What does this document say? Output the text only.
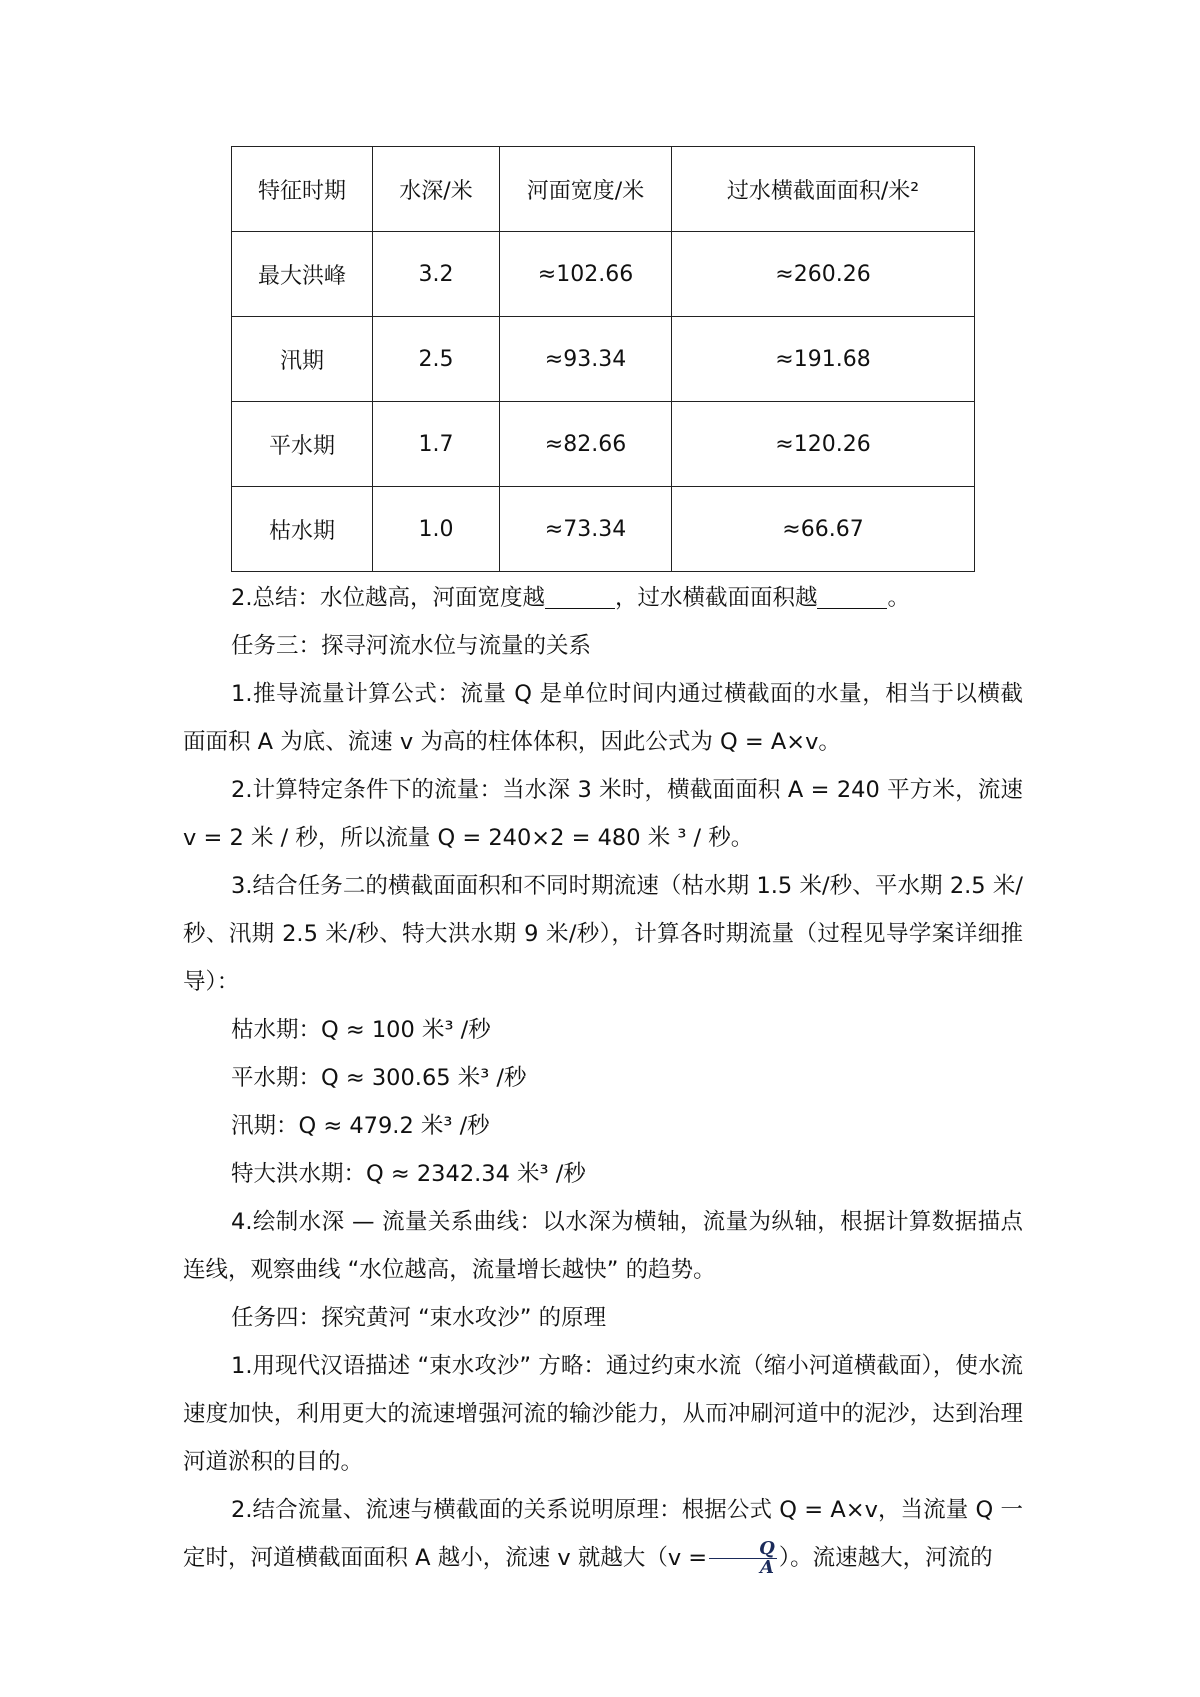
特征时期	水深/米	河面宽度/米	过水横截面面积/米²
最大洪峰	3.2	≈102.66	≈260.26
汛期	2.5	≈93.34	≈191.68
平水期	1.7	≈82.66	≈120.26
枯水期	1.0	≈73.34	≈66.67

2.总结：水位越高，河面宽度越	，过水横截面面积越	。

任务三：探寻河流水位与流量的关系

1.推导流量计算公式：流量 Q 是单位时间内通过横截面的水量，相当于以横截面面积 A 为底、流速 v 为高的柱体体积，因此公式为 Q = A×v。

2.计算特定条件下的流量：当水深 3 米时，横截面面积 A = 240 平方米，流速 v = 2 米 / 秒，所以流量 Q = 240×2 = 480 米 ³ / 秒。

3.结合任务二的横截面面积和不同时期流速（枯水期 1.5 米/秒、平水期 2.5 米/秒、汛期 2.5 米/秒、特大洪水期 9 米/秒），计算各时期流量（过程见导学案详细推导）：

枯水期：Q ≈ 100 米³ /秒

平水期：Q ≈ 300.65 米³ /秒

汛期：Q ≈ 479.2 米³ /秒

特大洪水期：Q ≈ 2342.34 米³ /秒

4.绘制水深 — 流量关系曲线：以水深为横轴，流量为纵轴，根据计算数据描点连线，观察曲线 “水位越高，流量增长越快” 的趋势。

任务四：探究黄河 “束水攻沙” 的原理

1.用现代汉语描述 “束水攻沙” 方略：通过约束水流（缩小河道横截面），使水流速度加快，利用更大的流速增强河流的输沙能力，从而冲刷河道中的泥沙，达到治理河道淤积的目的。

2.结合流量、流速与横截面的关系说明原理：根据公式 Q = A×v，当流量 Q 一定时，河道横截面面积 A 越小，流速 v 就越大（$v = \frac{Q}{A}$ ）。流速越大，河流的
